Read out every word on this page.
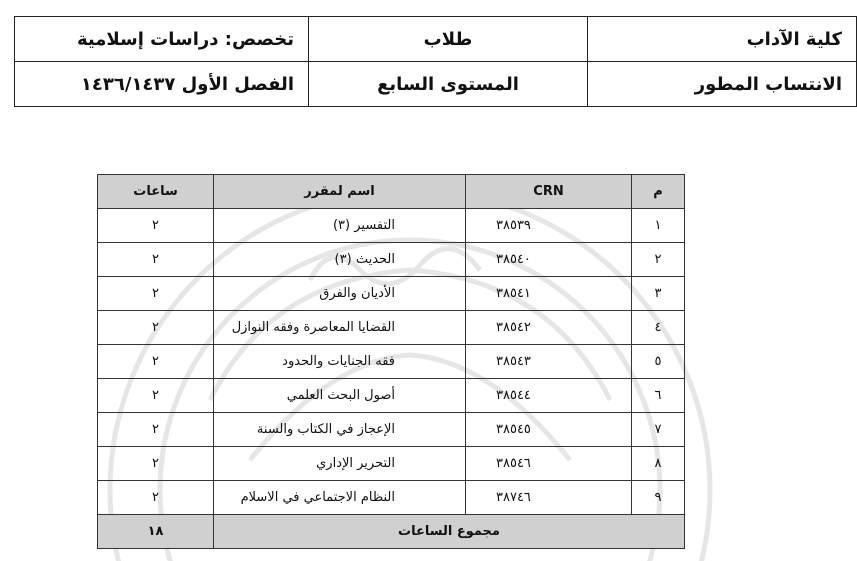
كلية الآداب	طلاب	تخصص: دراسات إسلامية
الانتساب المطور	المستوى السابع	الفصل الأول ١٤٣٦/١٤٣٧
م	CRN	اسم لمقرر	ساعات
١	٣٨٥٣٩	التفسير (٣)	٢
٢	٣٨٥٤٠	الحديث (٣)	٢
٣	٣٨٥٤١	الأديان والفرق	٢
٤	٣٨٥٤٢	القضايا المعاصرة وفقه النوازل	٢
٥	٣٨٥٤٣	فقه الجنايات والحدود	٢
٦	٣٨٥٤٤	أصول البحث العلمي	٢
٧	٣٨٥٤٥	الإعجاز في الكتاب والسنة	٢
٨	٣٨٥٤٦	التحرير الإداري	٢
٩	٣٨٧٤٦	النظام الاجتماعي في الاسلام	٢
مجموع الساعات			١٨
